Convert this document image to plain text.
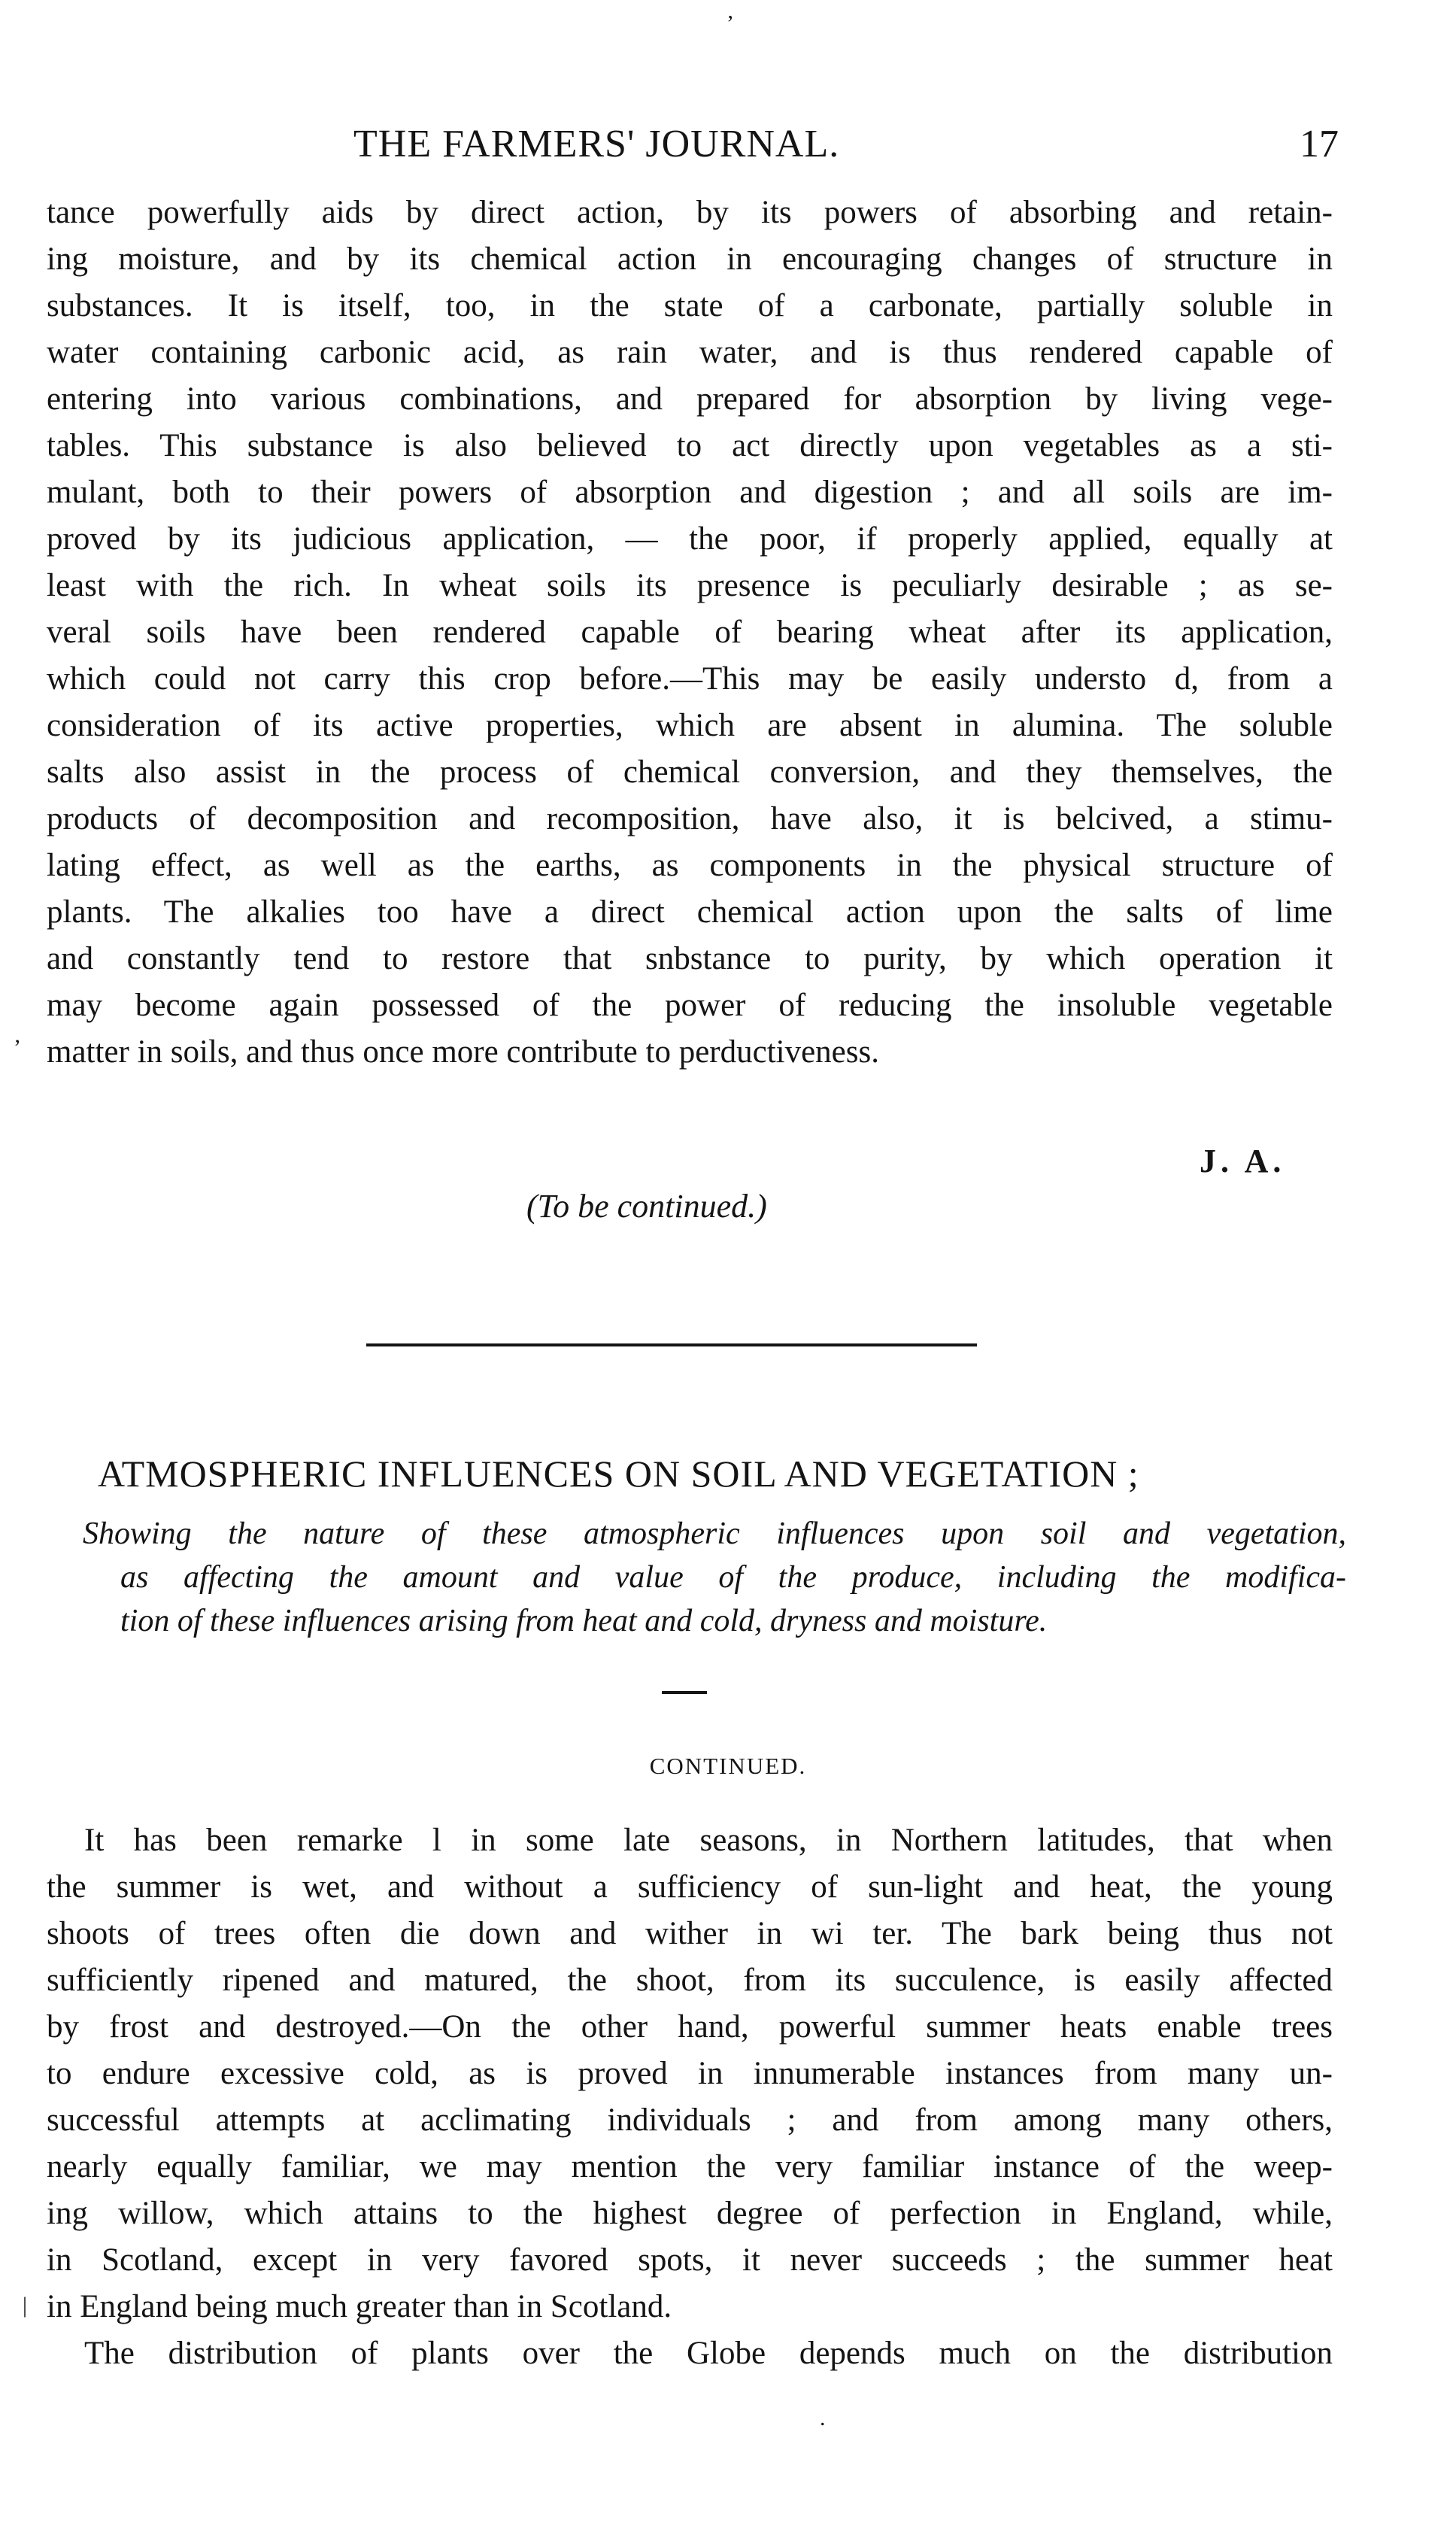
‚
THE FARMERS' JOURNAL.	17
tance powerfully aids by direct action, by its powers of absorbing and retain-
ing moisture, and by its chemical action in encouraging changes of structure in
substances. It is itself, too, in the state of a carbonate, partially soluble in
water containing carbonic acid, as rain water, and is thus rendered capable of
entering into various combinations, and prepared for absorption by living vege-
tables. This substance is also believed to act directly upon vegetables as a sti-
mulant, both to their powers of absorption and digestion ; and all soils are im-
proved by its judicious application, — the poor, if properly applied, equally at
least with the rich. In wheat soils its presence is peculiarly desirable ; as se-
veral soils have been rendered capable of bearing wheat after its application,
which could not carry this crop before.—This may be easily understo d, from a
consideration of its active properties, which are absent in alumina. The soluble
salts also assist in the process of chemical conversion, and they themselves, the
products of decomposition and recomposition, have also, it is belcived, a stimu-
lating effect, as well as the earths, as components in the physical structure of
plants. The alkalies too have a direct chemical action upon the salts of lime
and constantly tend to restore that snbstance to purity, by which operation it
may become again possessed of the power of reducing the insoluble vegetable
matter in soils, and thus once more contribute to perductiveness.
J. A.
(To be continued.)
ATMOSPHERIC INFLUENCES ON SOIL AND VEGETATION ;
Showing the nature of these atmospheric influences upon soil and vegetation,
as affecting the amount and value of the produce, including the modifica-
tion of these influences arising from heat and cold, dryness and moisture.
CONTINUED.
It has been remarke l in some late seasons, in Northern latitudes, that when
the summer is wet, and without a sufficiency of sun-light and heat, the young
shoots of trees often die down and wither in wi ter. The bark being thus not
sufficiently ripened and matured, the shoot, from its succulence, is easily affected
by frost and destroyed.—On the other hand, powerful summer heats enable trees
to endure excessive cold, as is proved in innumerable instances from many un-
successful attempts at acclimating individuals ; and from among many others,
nearly equally familiar, we may mention the very familiar instance of the weep-
ing willow, which attains to the highest degree of perfection in England, while,
in Scotland, except in very favored spots, it never succeeds ; the summer heat
in England being much greater than in Scotland.
The distribution of plants over the Globe depends much on the distribution
’
|
.
